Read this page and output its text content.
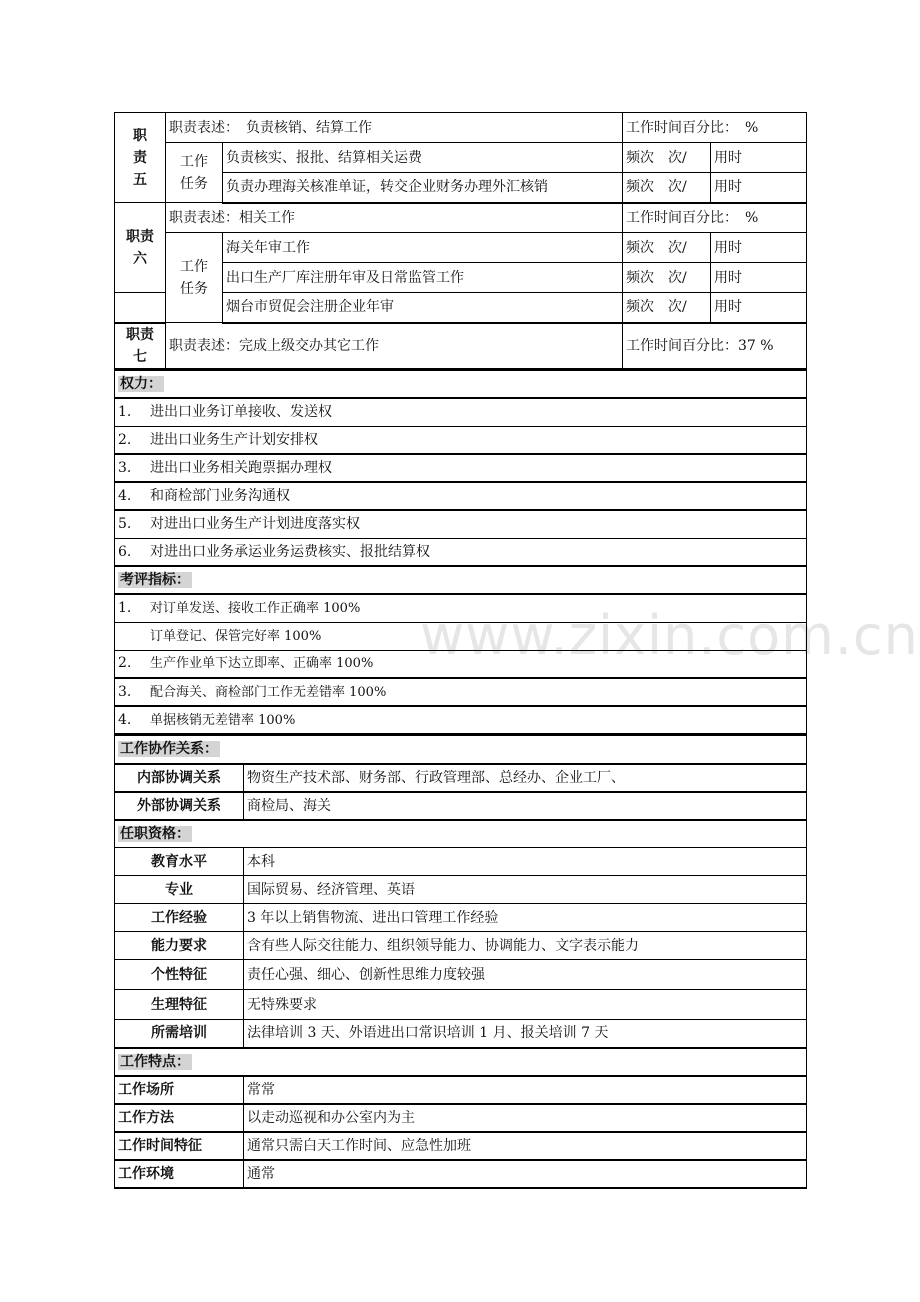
www.zixin.com.cn
职
责
五	职责表述：　负责核销、结算工作		工作时间百分比：　%	

	工作
任务	负责核实、报批、结算相关运费	频次　次/	用时
		负责办理海关核准单证，转交企业财务办理外汇核销	频次　次/	用时

职责
六	职责表述：相关工作		工作时间百分比：　%	

	工作
任务	海关年审工作	频次　次/	用时
		出口生产厂库注册年审及日常监管工作	频次　次/	用时
		烟台市贸促会注册企业年审	频次　次/	用时

职责
七	职责表述：完成上级交办其它工作		工作时间百分比：37 %	
权力：
1. 进出口业务订单接收、发送权
2. 进出口业务生产计划安排权
3. 进出口业务相关跑票据办理权
4. 和商检部门业务沟通权
5. 对进出口业务生产计划进度落实权
6. 对进出口业务承运业务运费核实、报批结算权
考评指标：
1. 对订单发送、接收工作正确率 100%
订单登记、保管完好率 100%
2. 生产作业单下达立即率、正确率 100%
3. 配合海关、商检部门工作无差错率 100%
4. 单据核销无差错率 100%
工作协作关系：	
内部协调关系	物资生产技术部、财务部、行政管理部、总经办、企业工厂、
外部协调关系	商检局、海关
任职资格：	
教育水平	本科
专业	国际贸易、经济管理、英语
工作经验	3 年以上销售物流、进出口管理工作经验
能力要求	含有些人际交往能力、组织领导能力、协调能力、文字表示能力
个性特征	责任心强、细心、创新性思维力度较强
生理特征	无特殊要求
所需培训	法律培训 3 天、外语进出口常识培训 1 月、报关培训 7 天
工作特点：	
工作场所	常常
工作方法	以走动巡视和办公室内为主
工作时间特征	通常只需白天工作时间、应急性加班
工作环境	通常
